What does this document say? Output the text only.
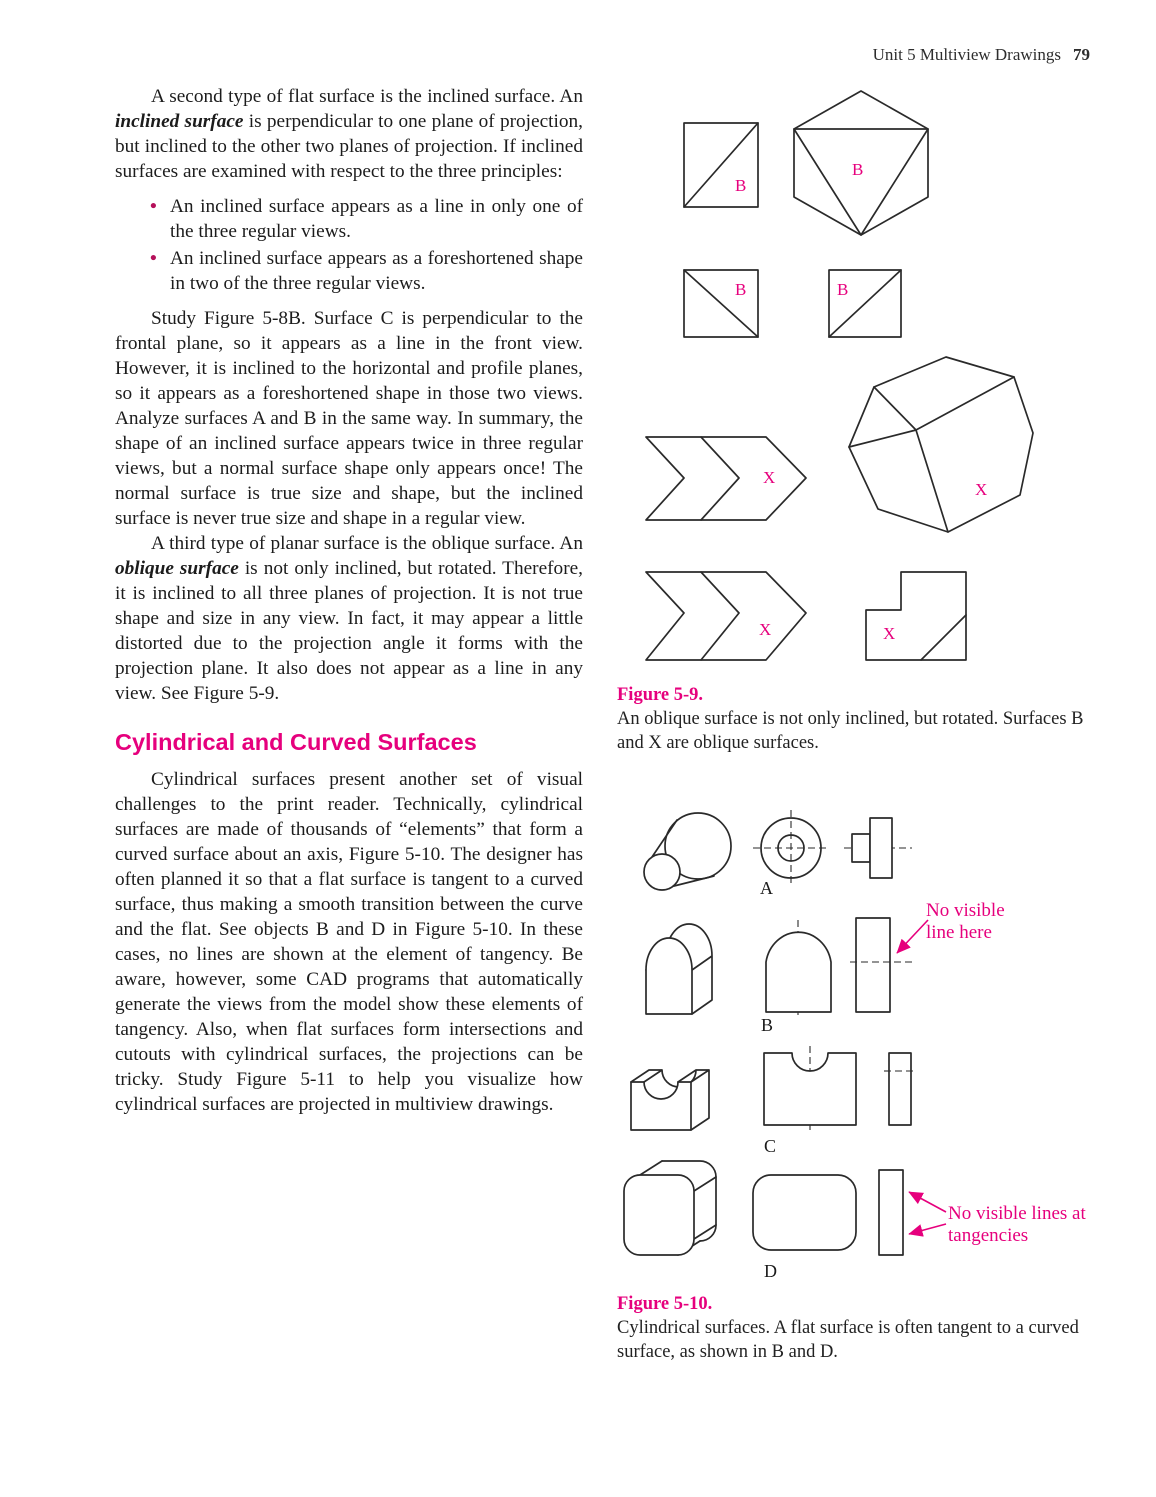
Unit 5 Multiview Drawings 79

A second type of flat surface is the inclined surface. An inclined surface is perpendicular to one plane of projection, but inclined to the other two planes of projection. If inclined surfaces are examined with respect to the three principles:

• An inclined surface appears as a line in only one of the three regular views.
• An inclined surface appears as a foreshortened shape in two of the three regular views.

Study Figure 5-8B. Surface C is perpendicular to the frontal plane, so it appears as a line in the front view. However, it is inclined to the horizontal and profile planes, so it appears as a foreshortened shape in those two views. Analyze surfaces A and B in the same way. In summary, the shape of an inclined surface appears twice in three regular views, but a normal surface shape only appears once! The normal surface is true size and shape, but the inclined surface is never true size and shape in a regular view.

A third type of planar surface is the oblique surface. An oblique surface is not only inclined, but rotated. Therefore, it is inclined to all three planes of projection. It is not true shape and size in any view. In fact, it may appear a little distorted due to the projection angle it forms with the projection plane. It also does not appear as a line in any view. See Figure 5-9.

Cylindrical and Curved Surfaces

Cylindrical surfaces present another set of visual challenges to the print reader. Technically, cylindrical surfaces are made of thousands of “elements” that form a curved surface about an axis, Figure 5-10. The designer has often planned it so that a flat surface is tangent to a curved surface, thus making a smooth transition between the curve and the flat. See objects B and D in Figure 5-10. In these cases, no lines are shown at the element of tangency. Be aware, however, some CAD programs that automatically generate the views from the model show these elements of tangency. Also, when flat surfaces form intersections and cutouts with cylindrical surfaces, the projections can be tricky. Study Figure 5-11 to help you visualize how cylindrical surfaces are projected in multiview drawings.

B
B
B	B
X
X
X	X
Figure 5-9.
An oblique surface is not only inclined, but rotated. Surfaces B and X are oblique surfaces.
A
B
C
D
No visible line here
No visible lines at tangencies
Figure 5-10.
Cylindrical surfaces. A flat surface is often tangent to a curved surface, as shown in B and D.
